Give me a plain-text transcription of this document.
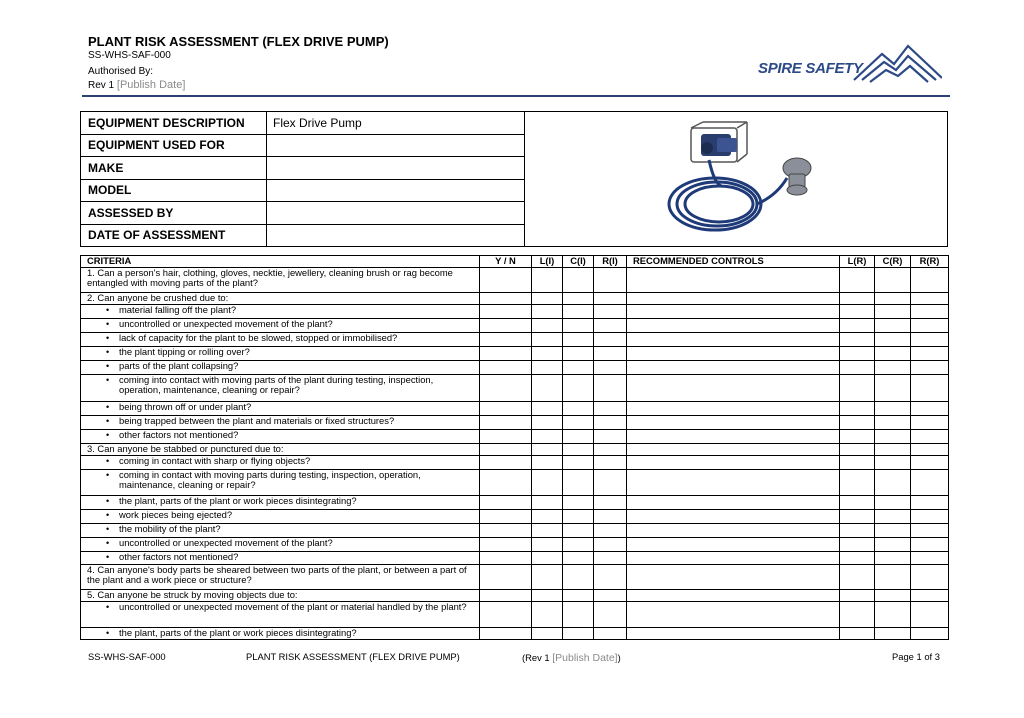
PLANT RISK ASSESSMENT (FLEX DRIVE PUMP)
SS-WHS-SAF-000
Authorised By:
Rev 1 [Publish Date]
SPIRE SAFETY
EQUIPMENT DESCRIPTION	Flex Drive Pump
EQUIPMENT USED FOR
MAKE
MODEL
ASSESSED BY
DATE OF ASSESSMENT
CRITERIA	Y / N	L(I)	C(I)	R(I)	RECOMMENDED CONTROLS	L(R)	C(R)	R(R)
1. Can a person's hair, clothing, gloves, necktie, jewellery, cleaning brush or rag become entangled with moving parts of the plant?								
2. Can anyone be crushed due to:								
• material falling off the plant?								
• uncontrolled or unexpected movement of the plant?								
• lack of capacity for the plant to be slowed, stopped or immobilised?								
• the plant tipping or rolling over?								
• parts of the plant collapsing?								
• coming into contact with moving parts of the plant during testing, inspection, operation, maintenance, cleaning or repair?								
• being thrown off or under plant?								
• being trapped between the plant and materials or fixed structures?								
• other factors not mentioned?								
3. Can anyone be stabbed or punctured due to:								
• coming in contact with sharp or flying objects?								
• coming in contact with moving parts during testing, inspection, operation, maintenance, cleaning or repair?								
• the plant, parts of the plant or work pieces disintegrating?								
• work pieces being ejected?								
• the mobility of the plant?								
• uncontrolled or unexpected movement of the plant?								
• other factors not mentioned?								
4. Can anyone's body parts be sheared between two parts of the plant, or between a part of the plant and a work piece or structure?								
5. Can anyone be struck by moving objects due to:								
• uncontrolled or unexpected movement of the plant or material handled by the plant?								
• the plant, parts of the plant or work pieces disintegrating?								
SS-WHS-SAF-000	PLANT RISK ASSESSMENT (FLEX DRIVE PUMP)	(Rev 1 [Publish Date])	Page 1 of 3
